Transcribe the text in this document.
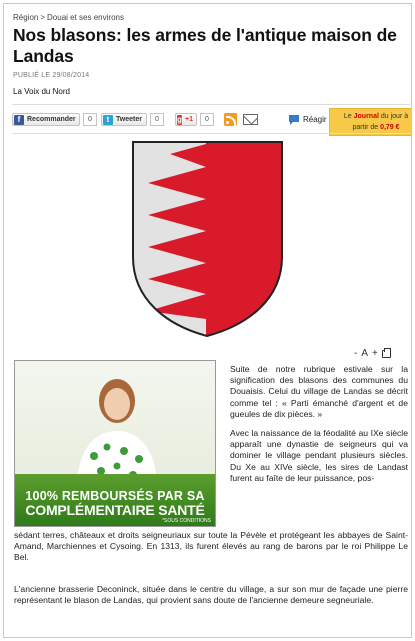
Région > Douai et ses environs
Nos blasons: les armes de l'antique maison de Landas
PUBLIÉ LE 29/08/2014
La Voix du Nord
f Recommander	0	t Tweeter	0	g +1	0	Réagir	Le Journal du jour à
partir de 0,79 €
- A +
100% REMBOURSÉS PAR SA
COMPLÉMENTAIRE SANTÉ
*SOUS CONDITIONS

Suite de notre rubrique estivale sur la signification des blasons des communes du Douaisis. Celui du village de Landas se décrit comme tel : « Parti émanché d'argent et de gueules de dix pièces. »

Avec la naissance de la féodalité au IXe siècle apparaît une dynastie de seigneurs qui va dominer le village pendant plusieurs siècles. Du Xe au XIVe siècle, les sires de Landast furent au faîte de leur puissance, pos-

sédant terres, châteaux et droits seigneuriaux sur toute la Pévèle et protégeant les abbayes de Saint-Amand, Marchiennes et Cysoing. En 1313, ils furent élevés au rang de barons par le roi Philippe Le Bel.
L'ancienne brasserie Deconinck, située dans le centre du village, a sur son mur de façade une pierre représentant le blason de Landas, qui provient sans doute de l'ancienne demeure segneuriale.
